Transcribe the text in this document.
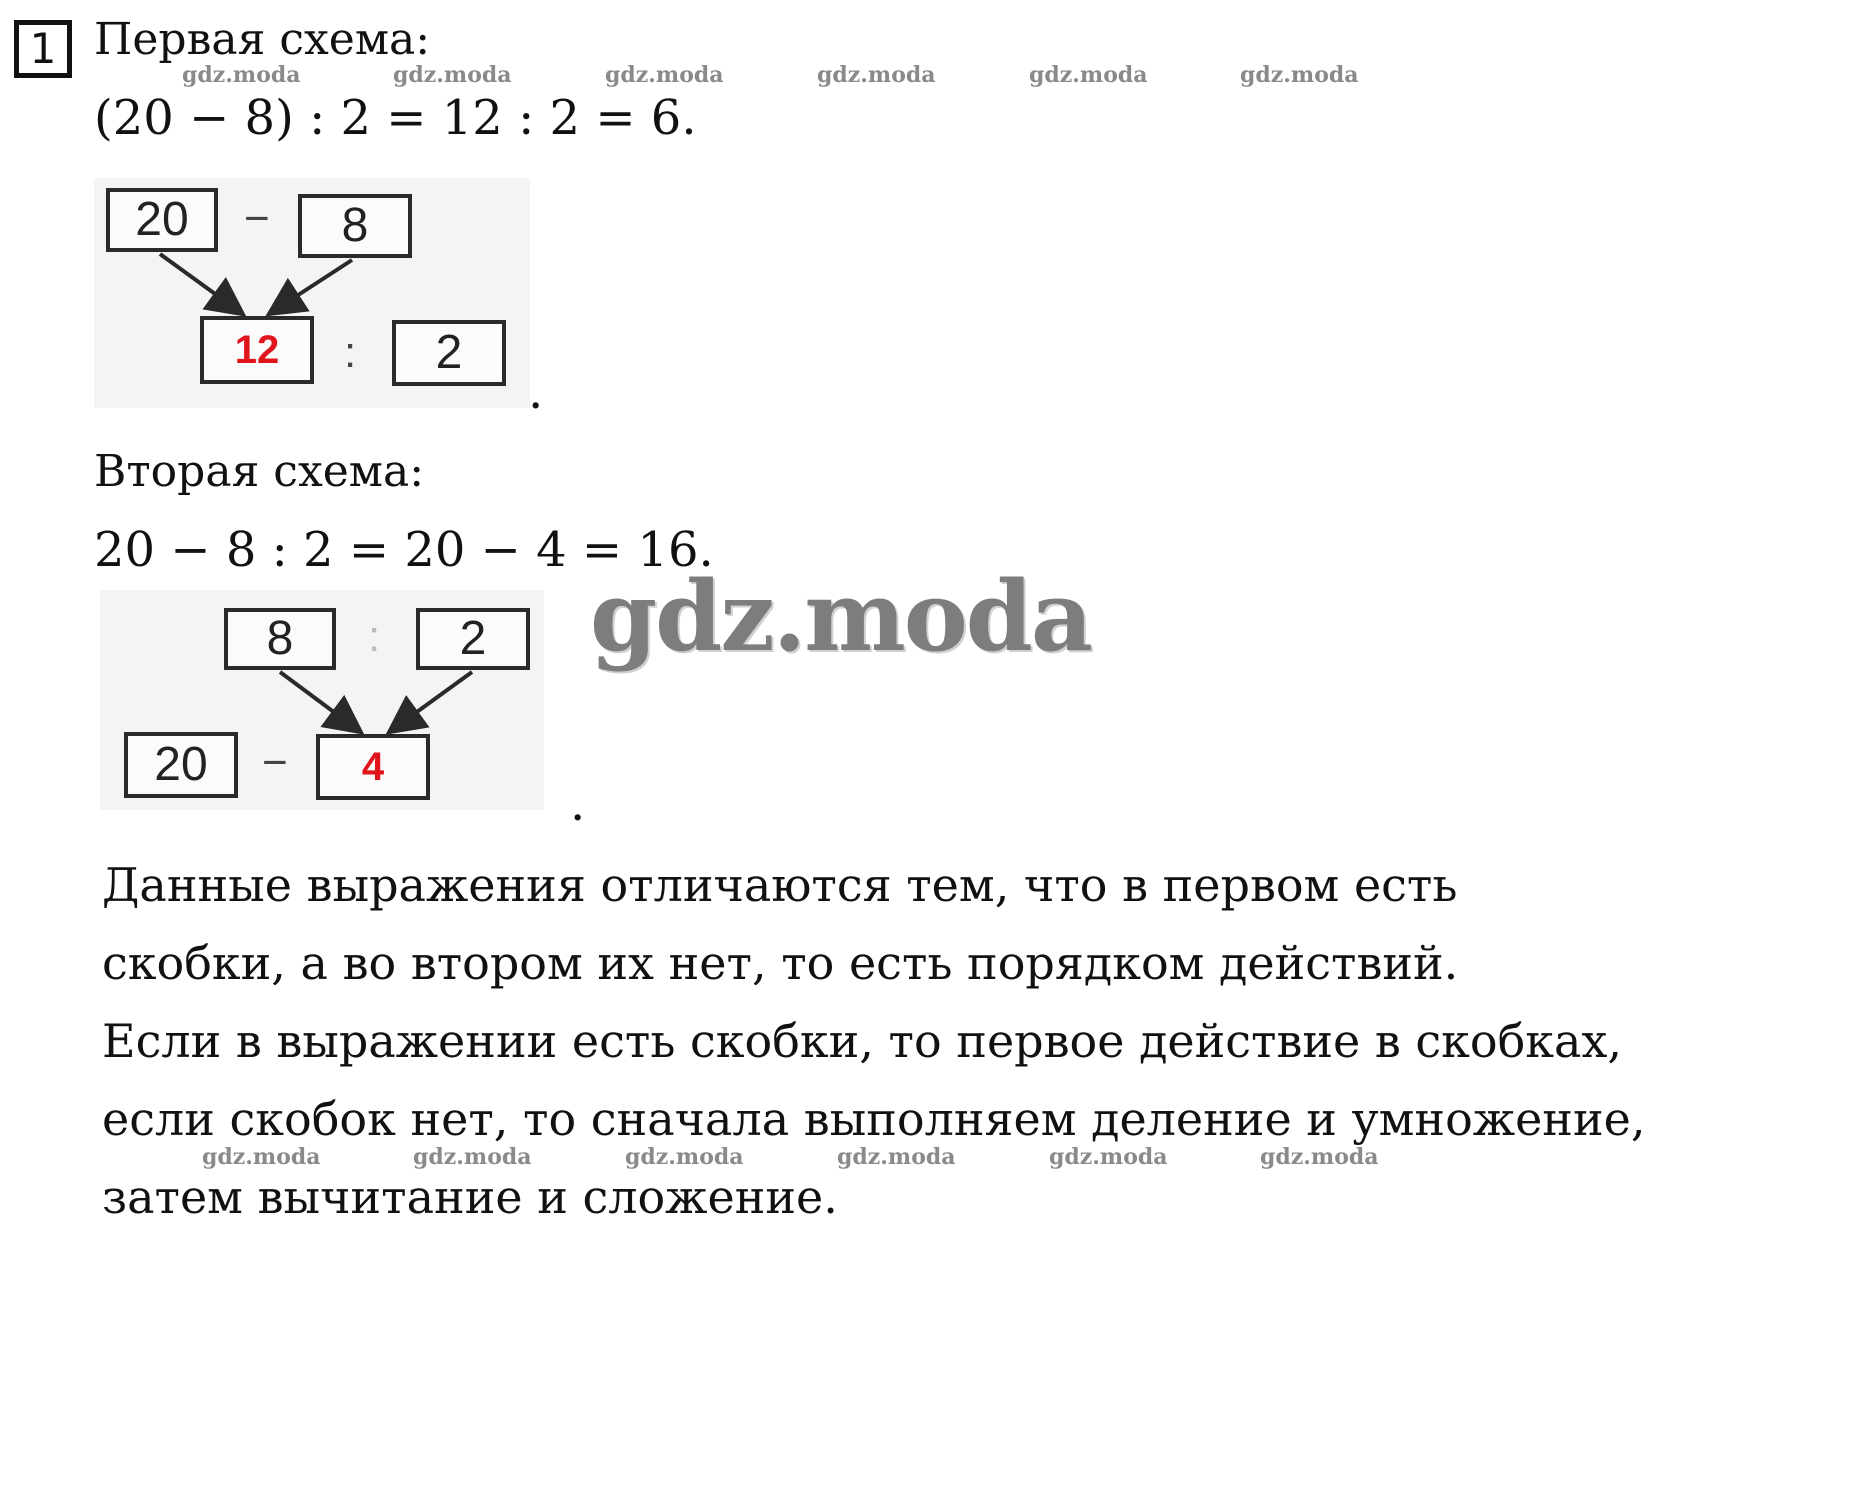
1 Первая схема:
gdz.moda	gdz.moda	gdz.moda	gdz.moda	gdz.moda	gdz.moda
(20 − 8) : 2 = 12 : 2 = 6.
20	−	8
12	:	2
.
Вторая схема:
20 − 8 : 2 = 20 − 4 = 16.
8	:	2
20	−	4
.
gdz.moda
Данные выражения отличаются тем, что в первом есть
скобки, а во втором их нет, то есть порядком действий.
Если в выражении есть скобки, то первое действие в скобках,
если скобок нет, то сначала выполняем деление и умножение,
gdz.moda	gdz.moda	gdz.moda	gdz.moda	gdz.moda	gdz.moda
затем вычитание и сложение.
